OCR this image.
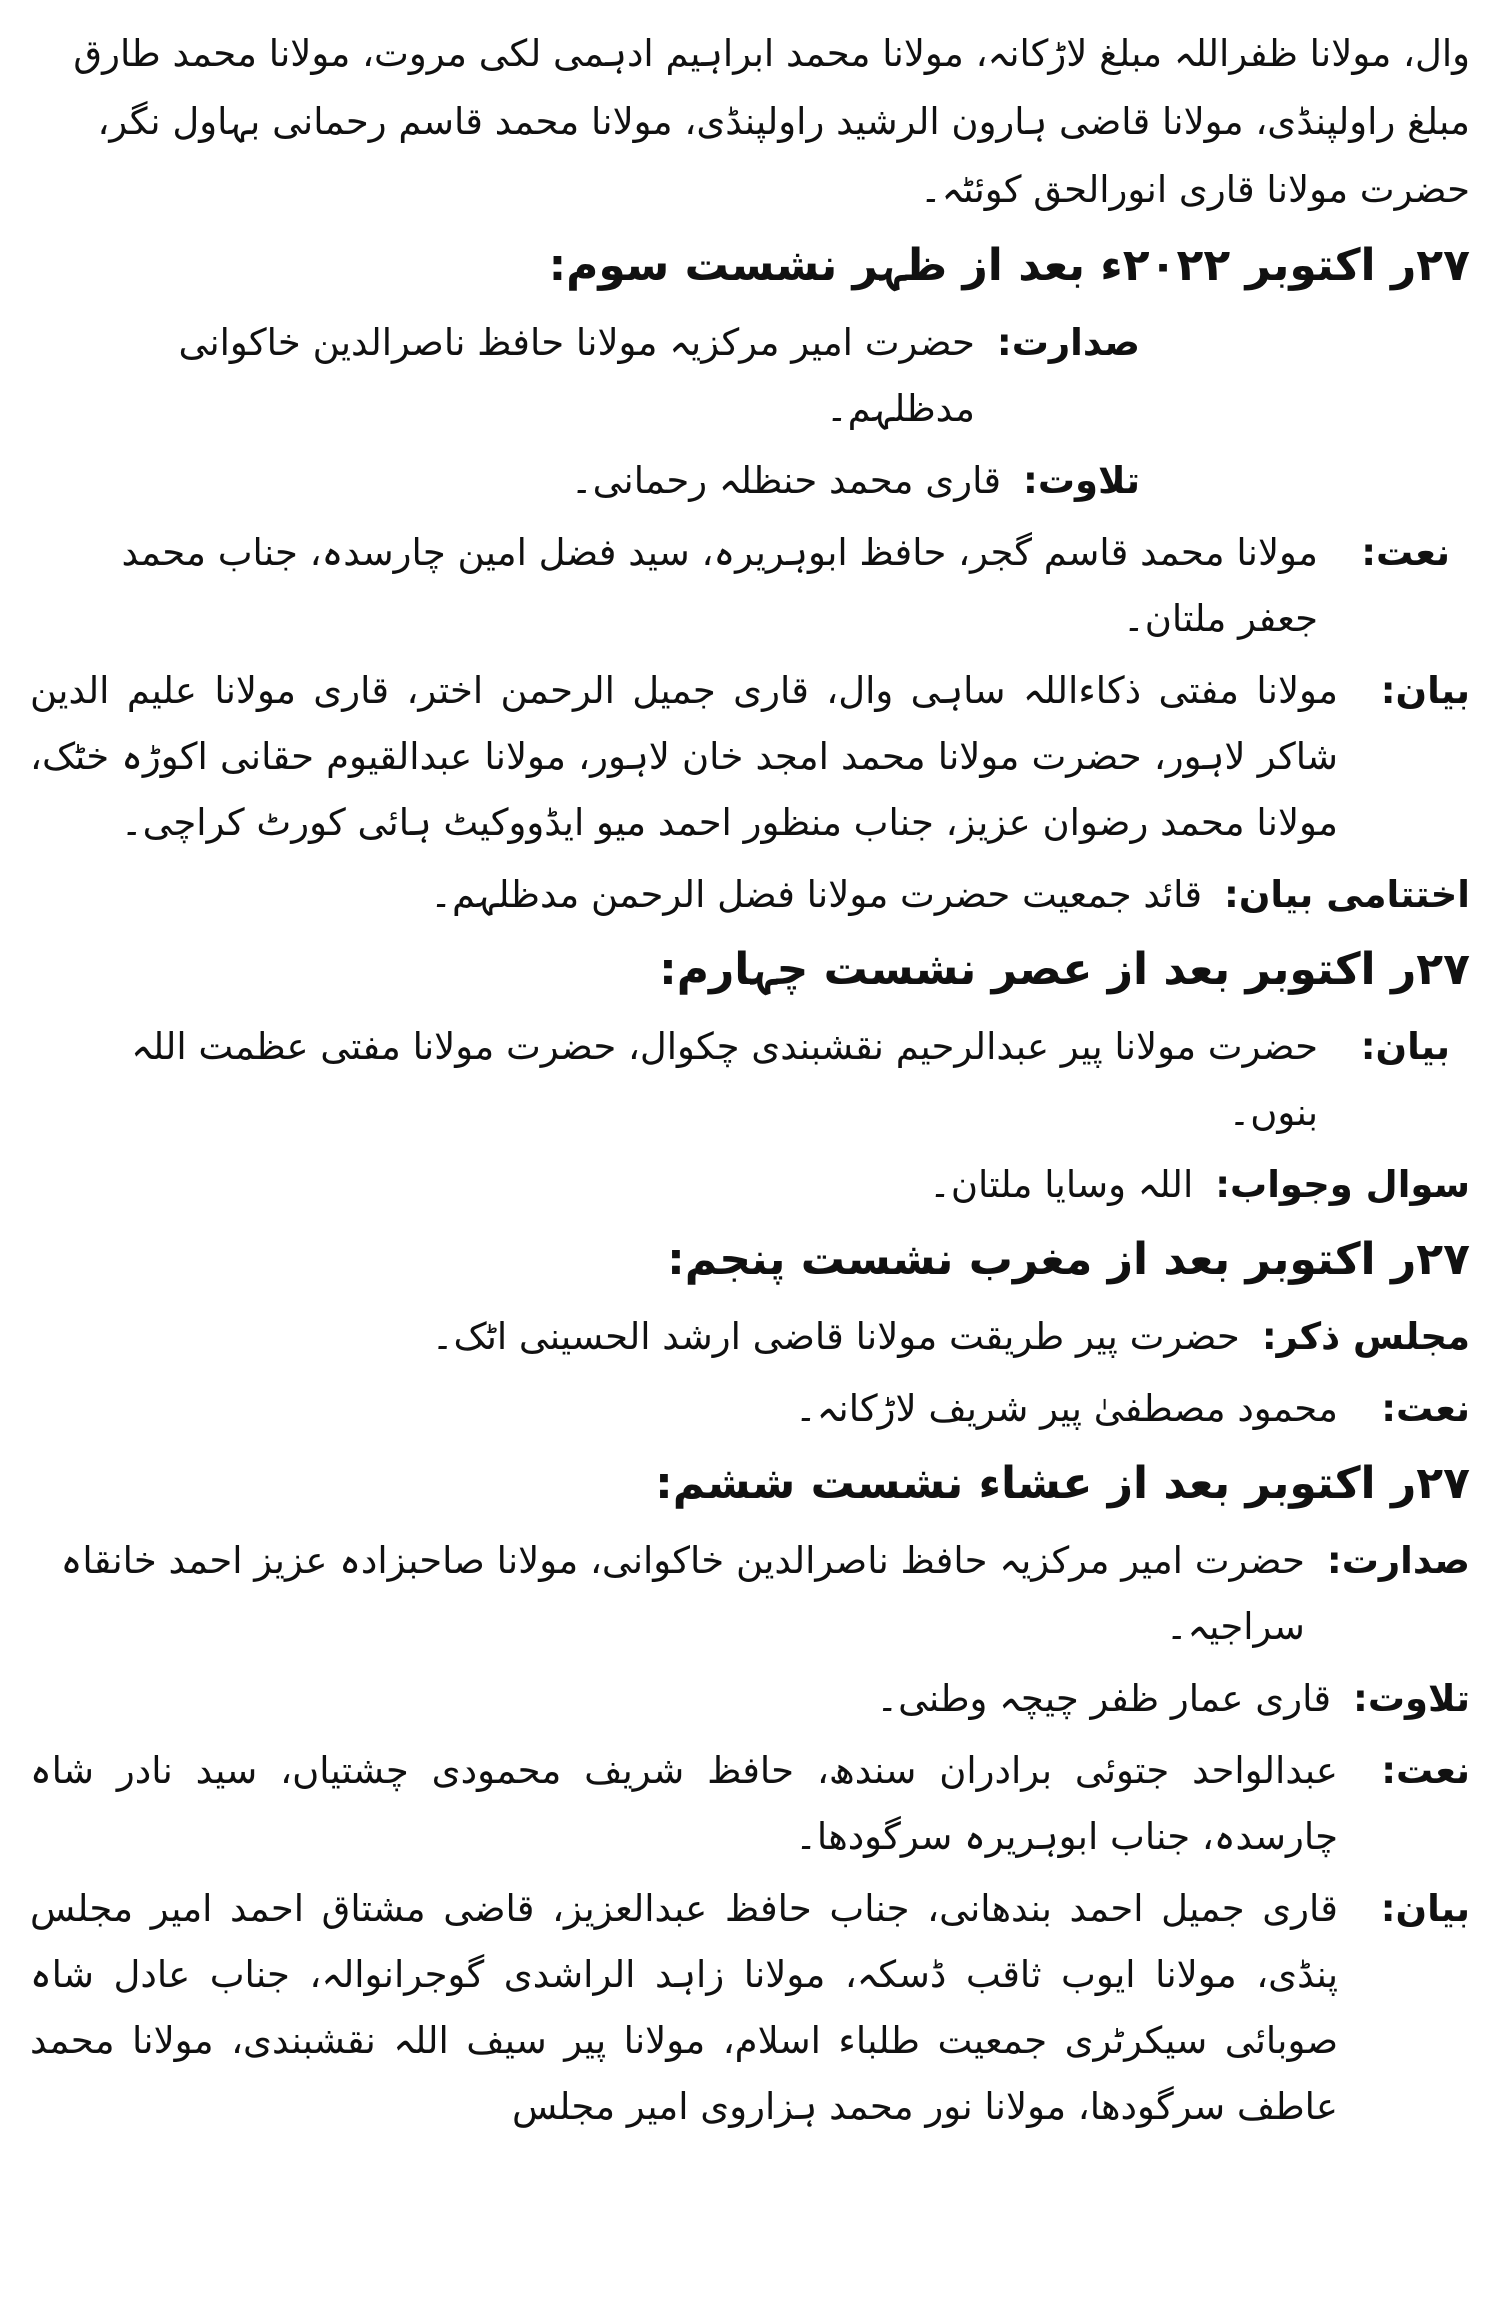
وال، مولانا ظفراللہ مبلغ لاڑکانہ، مولانا محمد ابراہیم ادہمی لکی مروت، مولانا محمد طارق مبلغ راولپنڈی، مولانا قاضی ہارون الرشید راولپنڈی، مولانا محمد قاسم رحمانی بہاول نگر، حضرت مولانا قاری انورالحق کوئٹہ۔

۲۷ر اکتوبر ۲۰۲۲ء بعد از ظہر نشست سوم:
صدارت:
حضرت امیر مرکزیہ مولانا حافظ ناصرالدین خاکوانی مدظلہم۔
تلاوت:
قاری محمد حنظلہ رحمانی۔
نعت:
مولانا محمد قاسم گجر، حافظ ابوہریرہ، سید فضل امین چارسدہ، جناب محمد جعفر ملتان۔
بیان:
مولانا مفتی ذکاءاللہ ساہی وال، قاری جمیل الرحمن اختر، قاری مولانا علیم الدین شاکر لاہور، حضرت مولانا محمد امجد خان لاہور، مولانا عبدالقیوم حقانی اکوڑہ خٹک، مولانا محمد رضوان عزیز، جناب منظور احمد میو ایڈووکیٹ ہائی کورٹ کراچی۔
اختتامی بیان:
قائد جمعیت حضرت مولانا فضل الرحمن مدظلہم۔
۲۷ر اکتوبر بعد از عصر نشست چہارم:
بیان:
حضرت مولانا پیر عبدالرحیم نقشبندی چکوال، حضرت مولانا مفتی عظمت اللہ بنوں۔
سوال وجواب:
اللہ وسایا ملتان۔
۲۷ر اکتوبر بعد از مغرب نشست پنجم:
مجلس ذکر:
حضرت پیر طریقت مولانا قاضی ارشد الحسینی اٹک۔
نعت:
محمود مصطفیٰ پیر شریف لاڑکانہ۔
۲۷ر اکتوبر بعد از عشاء نشست ششم:
صدارت:
حضرت امیر مرکزیہ حافظ ناصرالدین خاکوانی، مولانا صاحبزادہ عزیز احمد خانقاہ سراجیہ۔
تلاوت:
قاری عمار ظفر چیچہ وطنی۔
نعت:
عبدالواحد جتوئی برادران سندھ، حافظ شریف محمودی چشتیاں، سید نادر شاہ چارسدہ، جناب ابوہریرہ سرگودھا۔
بیان:
قاری جمیل احمد بندھانی، جناب حافظ عبدالعزیز، قاضی مشتاق احمد امیر مجلس پنڈی، مولانا ایوب ثاقب ڈسکہ، مولانا زاہد الراشدی گوجرانوالہ، جناب عادل شاہ صوبائی سیکرٹری جمعیت طلباء اسلام، مولانا پیر سیف اللہ نقشبندی، مولانا محمد عاطف سرگودھا، مولانا نور محمد ہزاروی امیر مجلس
